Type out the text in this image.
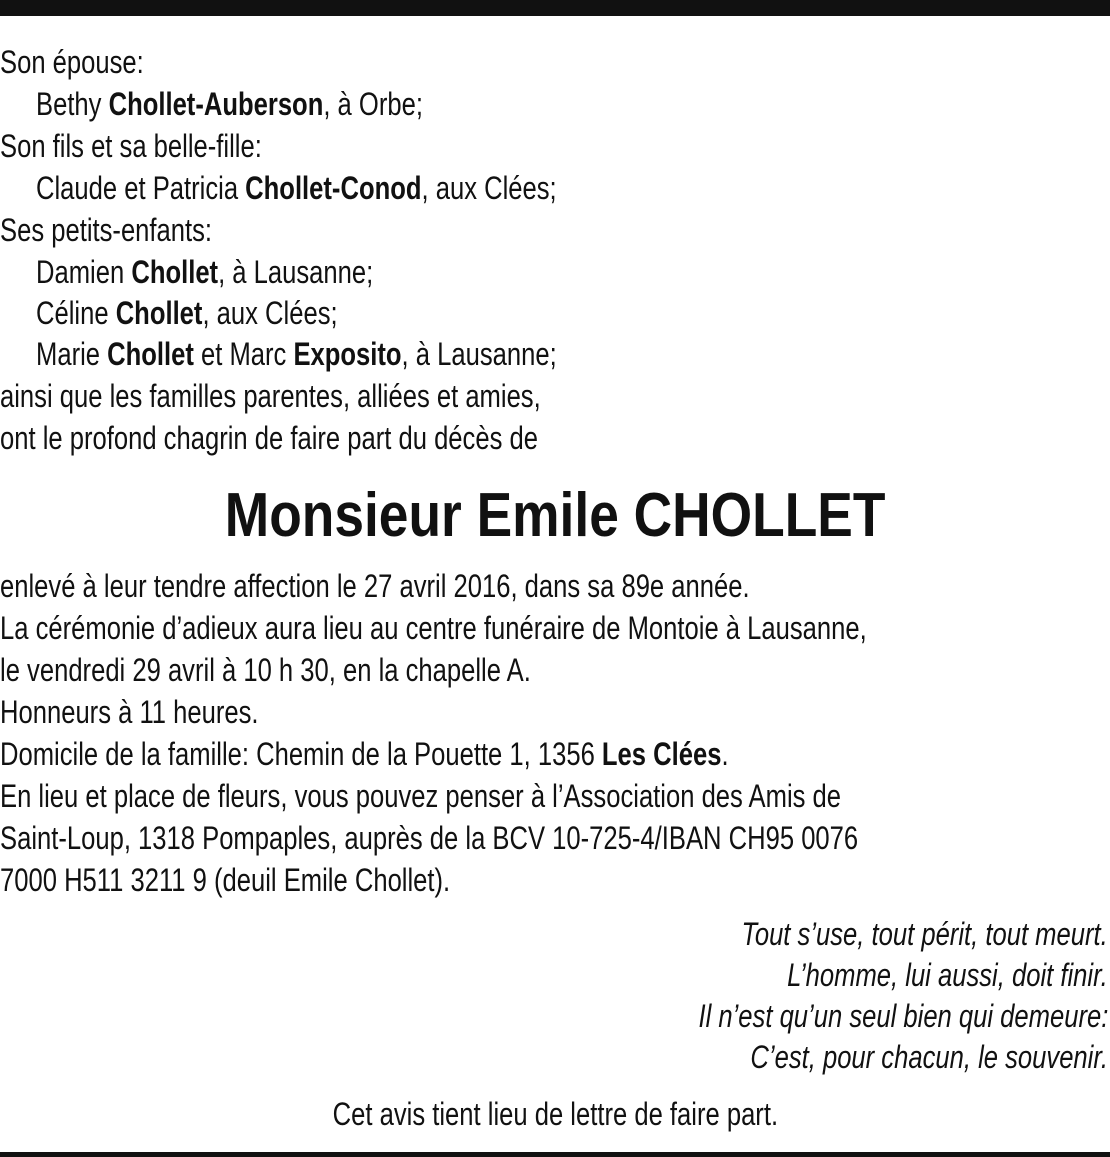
Son épouse:
Bethy Chollet-Auberson, à Orbe;
Son fils et sa belle-fille:
Claude et Patricia Chollet-Conod, aux Clées;
Ses petits-enfants:
Damien Chollet, à Lausanne;
Céline Chollet, aux Clées;
Marie Chollet et Marc Exposito, à Lausanne;
ainsi que les familles parentes, alliées et amies,
ont le profond chagrin de faire part du décès de
Monsieur Emile CHOLLET
enlevé à leur tendre affection le 27 avril 2016, dans sa 89e année.
La cérémonie d’adieux aura lieu au centre funéraire de Montoie à Lausanne,
le vendredi 29 avril à 10 h 30, en la chapelle A.
Honneurs à 11 heures.
Domicile de la famille: Chemin de la Pouette 1, 1356 Les Clées.
En lieu et place de fleurs, vous pouvez penser à l’Association des Amis de
Saint-Loup, 1318 Pompaples, auprès de la BCV 10-725-4/IBAN CH95 0076
7000 H511 3211 9 (deuil Emile Chollet).
Tout s’use, tout périt, tout meurt.
L’homme, lui aussi, doit finir.
Il n’est qu’un seul bien qui demeure:
C’est, pour chacun, le souvenir.
Cet avis tient lieu de lettre de faire part.
